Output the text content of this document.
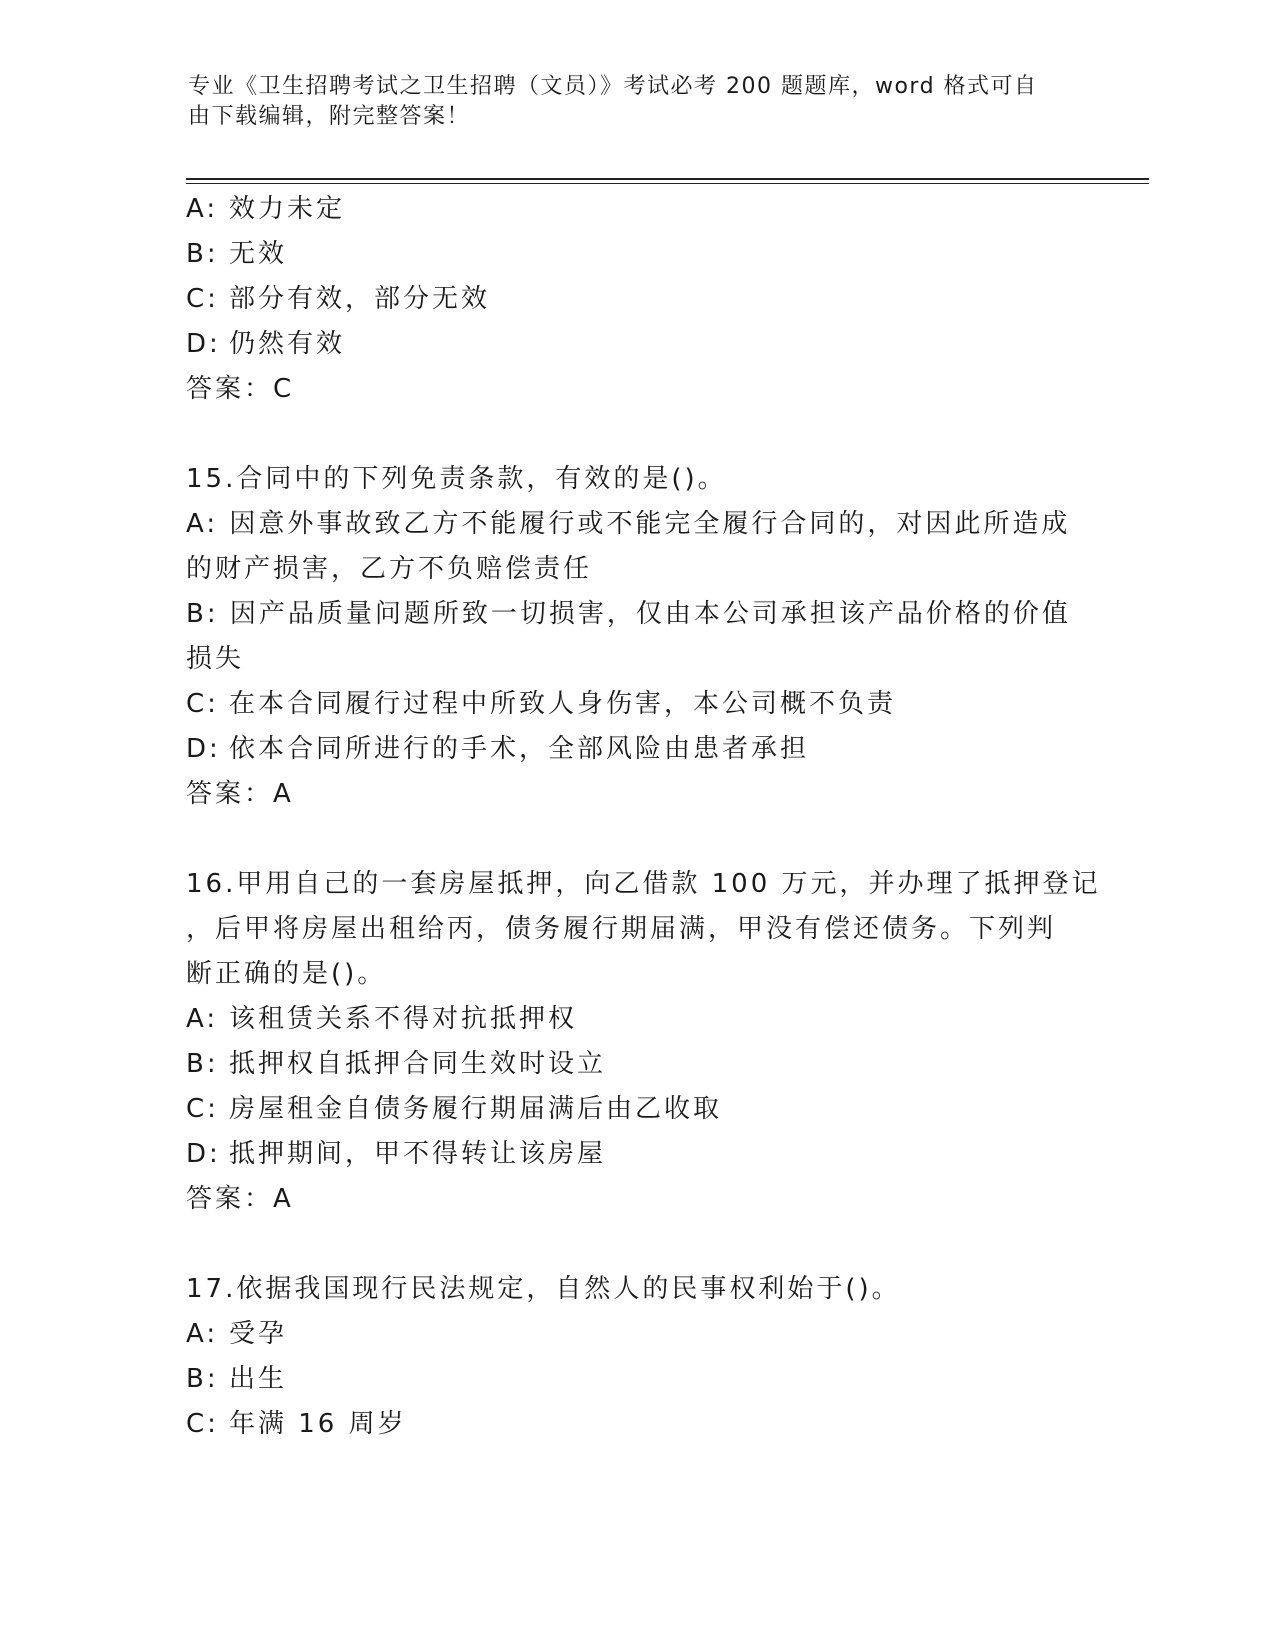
专业《卫生招聘考试之卫生招聘（文员）》考试必考 200 题题库，word 格式可自
由下载编辑，附完整答案！
A: 效力未定
B: 无效
C: 部分有效，部分无效
D: 仍然有效
答案：C
15.合同中的下列免责条款，有效的是()。
A: 因意外事故致乙方不能履行或不能完全履行合同的，对因此所造成
的财产损害，乙方不负赔偿责任
B: 因产品质量问题所致一切损害，仅由本公司承担该产品价格的价值
损失
C: 在本合同履行过程中所致人身伤害，本公司概不负责
D: 依本合同所进行的手术，全部风险由患者承担
答案：A
16.甲用自己的一套房屋抵押，向乙借款 100 万元，并办理了抵押登记
，后甲将房屋出租给丙，债务履行期届满，甲没有偿还债务。下列判
断正确的是()。
A: 该租赁关系不得对抗抵押权
B: 抵押权自抵押合同生效时设立
C: 房屋租金自债务履行期届满后由乙收取
D: 抵押期间，甲不得转让该房屋
答案：A
17.依据我国现行民法规定，自然人的民事权利始于()。
A: 受孕
B: 出生
C: 年满 16 周岁
